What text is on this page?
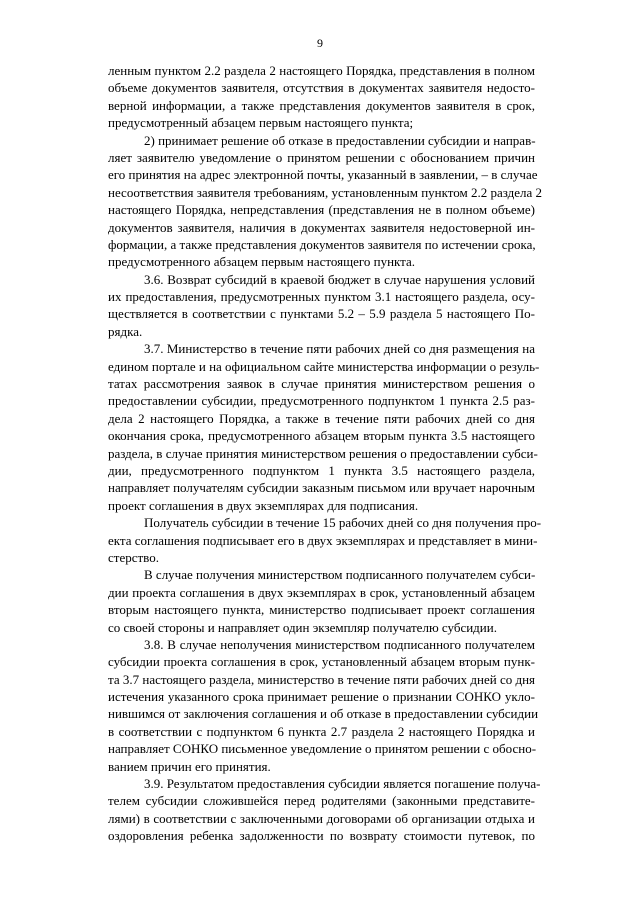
9
ленным пунктом 2.2 раздела 2 настоящего Порядка, представления в полном
объеме документов заявителя, отсутствия в документах заявителя недосто-
верной информации, а также представления документов заявителя в срок,
предусмотренный абзацем первым настоящего пункта;
2) принимает решение об отказе в предоставлении субсидии и направ-
ляет заявителю уведомление о принятом решении с обоснованием причин
его принятия на адрес электронной почты, указанный в заявлении, – в случае
несоответствия заявителя требованиям, установленным пунктом 2.2 раздела 2
настоящего Порядка, непредставления (представления не в полном объеме)
документов заявителя, наличия в документах заявителя недостоверной ин-
формации, а также представления документов заявителя по истечении срока,
предусмотренного абзацем первым настоящего пункта.
3.6. Возврат субсидий в краевой бюджет в случае нарушения условий
их предоставления, предусмотренных пунктом 3.1 настоящего раздела, осу-
ществляется в соответствии с пунктами 5.2 – 5.9 раздела 5 настоящего По-
рядка.
3.7. Министерство в течение пяти рабочих дней со дня размещения на
едином портале и на официальном сайте министерства информации о резуль-
татах рассмотрения заявок в случае принятия министерством решения о
предоставлении субсидии, предусмотренного подпунктом 1 пункта 2.5 раз-
дела 2 настоящего Порядка, а также в течение пяти рабочих дней со дня
окончания срока, предусмотренного абзацем вторым пункта 3.5 настоящего
раздела, в случае принятия министерством решения о предоставлении субси-
дии, предусмотренного подпунктом 1 пункта 3.5 настоящего раздела,
направляет получателям субсидии заказным письмом или вручает нарочным
проект соглашения в двух экземплярах для подписания.
Получатель субсидии в течение 15 рабочих дней со дня получения про-
екта соглашения подписывает его в двух экземплярах и представляет в мини-
стерство.
В случае получения министерством подписанного получателем субси-
дии проекта соглашения в двух экземплярах в срок, установленный абзацем
вторым настоящего пункта, министерство подписывает проект соглашения
со своей стороны и направляет один экземпляр получателю субсидии.
3.8. В случае неполучения министерством подписанного получателем
субсидии проекта соглашения в срок, установленный абзацем вторым пунк-
та 3.7 настоящего раздела, министерство в течение пяти рабочих дней со дня
истечения указанного срока принимает решение о признании СОНКО укло-
нившимся от заключения соглашения и об отказе в предоставлении субсидии
в соответствии с подпунктом 6 пункта 2.7 раздела 2 настоящего Порядка и
направляет СОНКО письменное уведомление о принятом решении с обосно-
ванием причин его принятия.
3.9. Результатом предоставления субсидии является погашение получа-
телем субсидии сложившейся перед родителями (законными представите-
лями) в соответствии с заключенными договорами об организации отдыха и
оздоровления ребенка задолженности по возврату стоимости путевок, по
